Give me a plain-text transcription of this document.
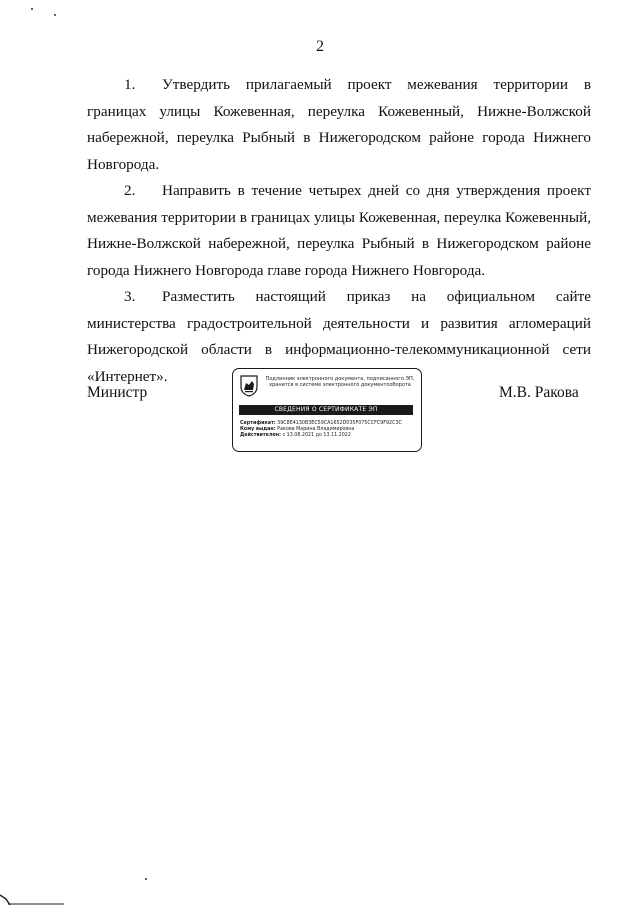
2

1. Утвердить прилагаемый проект межевания территории в границах улицы Кожевенная, переулка Кожевенный, Нижне-Волжской набережной, переулка Рыбный в Нижегородском районе города Нижнего Новгорода.

2. Направить в течение четырех дней со дня утверждения проект межевания территории в границах улицы Кожевенная, переулка Кожевенный, Нижне-Волжской набережной, переулка Рыбный в Нижегородском районе города Нижнего Новгорода главе города Нижнего Новгорода.

3. Разместить настоящий приказ на официальном сайте министерства градостроительной деятельности и развития агломераций Нижегородской области в информационно-телекоммуникационной сети «Интернет».

Министр
Подлинник электронного документа, подписанного ЭП,
хранится в системе электронного документооборота
СВЕДЕНИЯ О СЕРТИФИКАТЕ ЭП
Сертификат: 39C8E4130B3EC59CA1652D035F075CCFC9F92C3C
Кому выдан: Ракова Марина Владимировна
Действителен: с 13.08.2021 до 13.11.2022
М.В. Ракова
